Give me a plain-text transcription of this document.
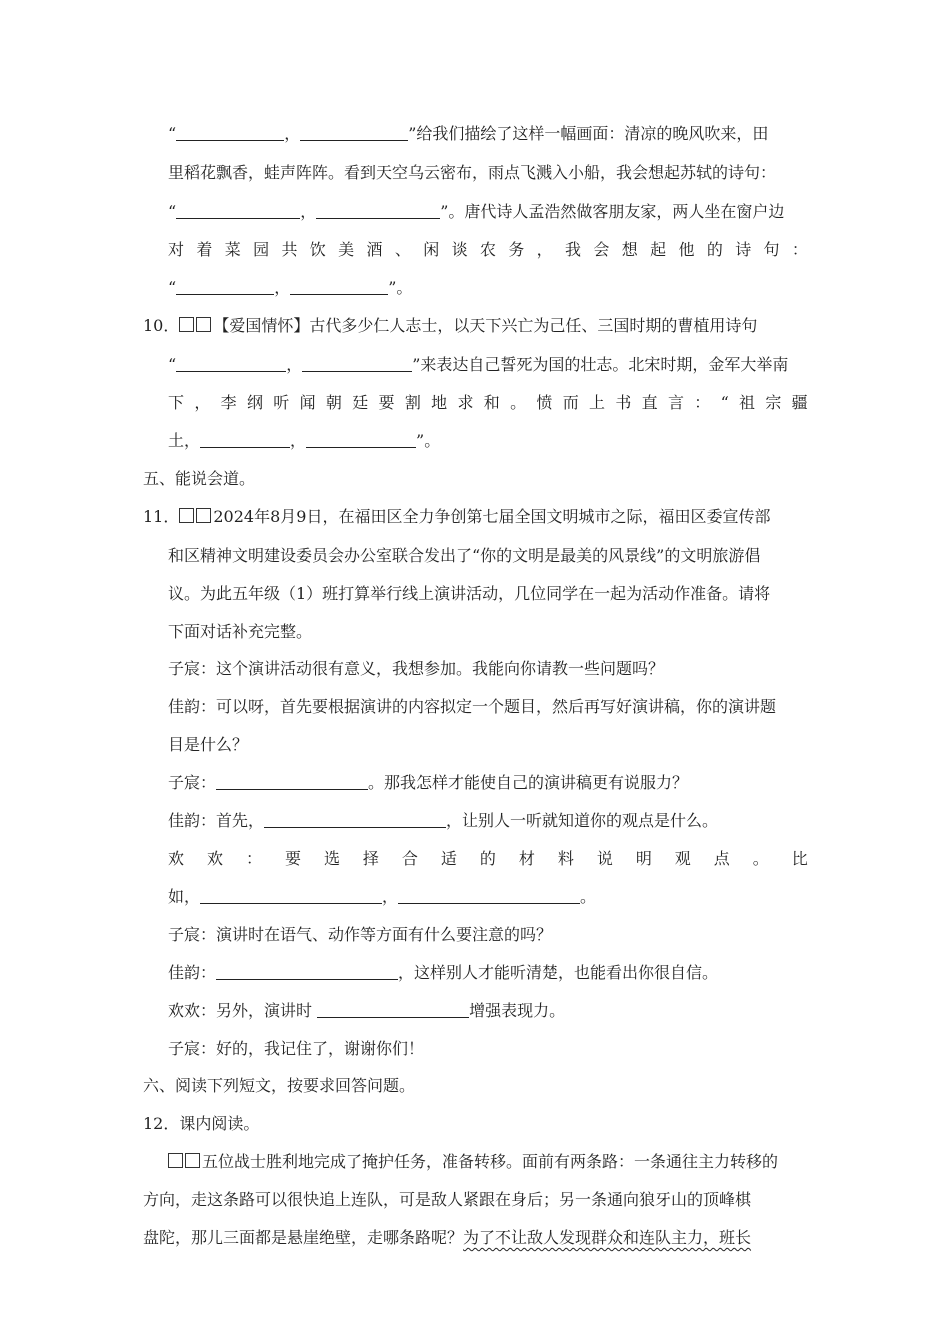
“	，	”给我们描绘了这样一幅画面：清凉的晚风吹来，田
里稻花飘香，蛙声阵阵。看到天空乌云密布，雨点飞溅入小船，我会想起苏轼的诗句：
“	，	”。唐代诗人孟浩然做客朋友家，两人坐在窗户边
对 着 菜 园 共 饮 美 酒 、 闲 谈 农 务 ， 我 会 想 起 他 的 诗 句 ：
“	，	”。
10． 【爱国情怀】古代多少仁人志士，以天下兴亡为己任、三国时期的曹植用诗句
“	，	”来表达自己誓死为国的壮志。北宋时期，金军大举南
下 ， 李 纲 听 闻 朝 廷 要 割 地 求 和 。 愤 而 上 书 直 言 ： “ 祖 宗 疆
土，	，	”。
五、能说会道。
11． 2024年8月9日，在福田区全力争创第七届全国文明城市之际，福田区委宣传部
和区精神文明建设委员会办公室联合发出了“你的文明是最美的风景线”的文明旅游倡
议。为此五年级（1）班打算举行线上演讲活动，几位同学在一起为活动作准备。请将
下面对话补充完整。
子宸：这个演讲活动很有意义，我想参加。我能向你请教一些问题吗？
佳韵：可以呀，首先要根据演讲的内容拟定一个题目，然后再写好演讲稿，你的演讲题
目是什么？
子宸：	。那我怎样才能使自己的演讲稿更有说服力？
佳韵：首先，	，让别人一听就知道你的观点是什么。
欢 欢 ： 要 选 择 合 适 的 材 料 说 明 观 点 。 比
如，	，	。
子宸：演讲时在语气、动作等方面有什么要注意的吗？
佳韵：	，这样别人才能听清楚，也能看出你很自信。
欢欢：另外，演讲时	增强表现力。
子宸：好的，我记住了，谢谢你们！
六、阅读下列短文，按要求回答问题。
12．课内阅读。
五位战士胜利地完成了掩护任务，准备转移。面前有两条路：一条通往主力转移的
方向，走这条路可以很快追上连队，可是敌人紧跟在身后；另一条通向狼牙山的顶峰棋
盘陀，那儿三面都是悬崖绝壁，走哪条路呢？为了不让敌人发现群众和连队主力，班长
